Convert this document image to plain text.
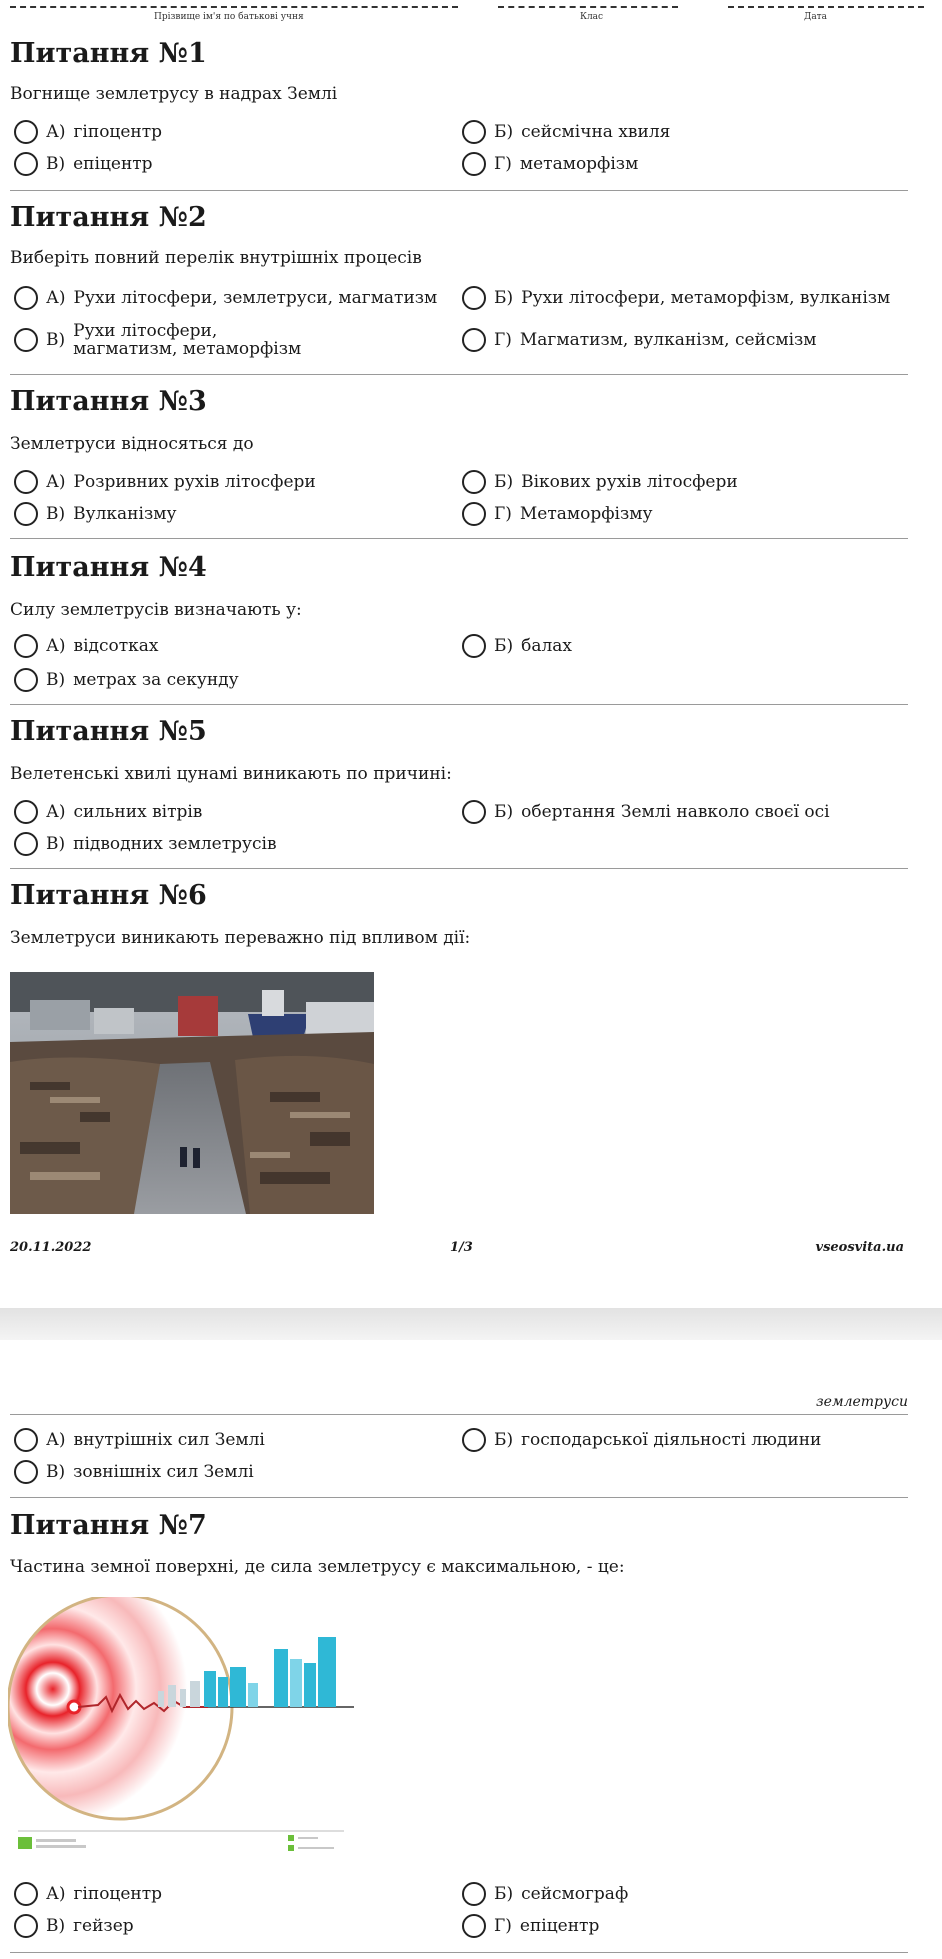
Прізвище ім'я по батькові учня	Клас	Дата
Питання №1
Вогнище землетрусу в надрах Землі
А) гіпоцентр	Б) сейсмічна хвиля
В) епіцентр	Г) метаморфізм
Питання №2
Виберіть повний перелік внутрішніх процесів
А) Рухи літосфери, землетруси, магматизм	Б) Рухи літосфери, метаморфізм, вулканізм
В) Рухи літосфери, магматизм, метаморфізм	Г) Магматизм, вулканізм, сейсмізм
Питання №3
Землетруси відносяться до
А) Розривних рухів літосфери	Б) Вікових рухів літосфери
В) Вулканізму	Г) Метаморфізму
Питання №4
Силу землетрусів визначають у:
А) відсотках	Б) балах
В) метрах за секунду
Питання №5
Велетенські хвилі цунамі виникають по причині:
А) сильних вітрів	Б) обертання Землі навколо своєї осі
В) підводних землетрусів
Питання №6
Землетруси виникають переважно під впливом дії:
20.11.2022	1/3	vseosvita.ua
землетруси
А) внутрішніх сил Землі	Б) господарської діяльності людини
В) зовнішніх сил Землі
Питання №7
Частина земної поверхні, де сила землетрусу є максимальною, - це:
А) гіпоцентр	Б) сейсмограф
В) гейзер	Г) епіцентр
